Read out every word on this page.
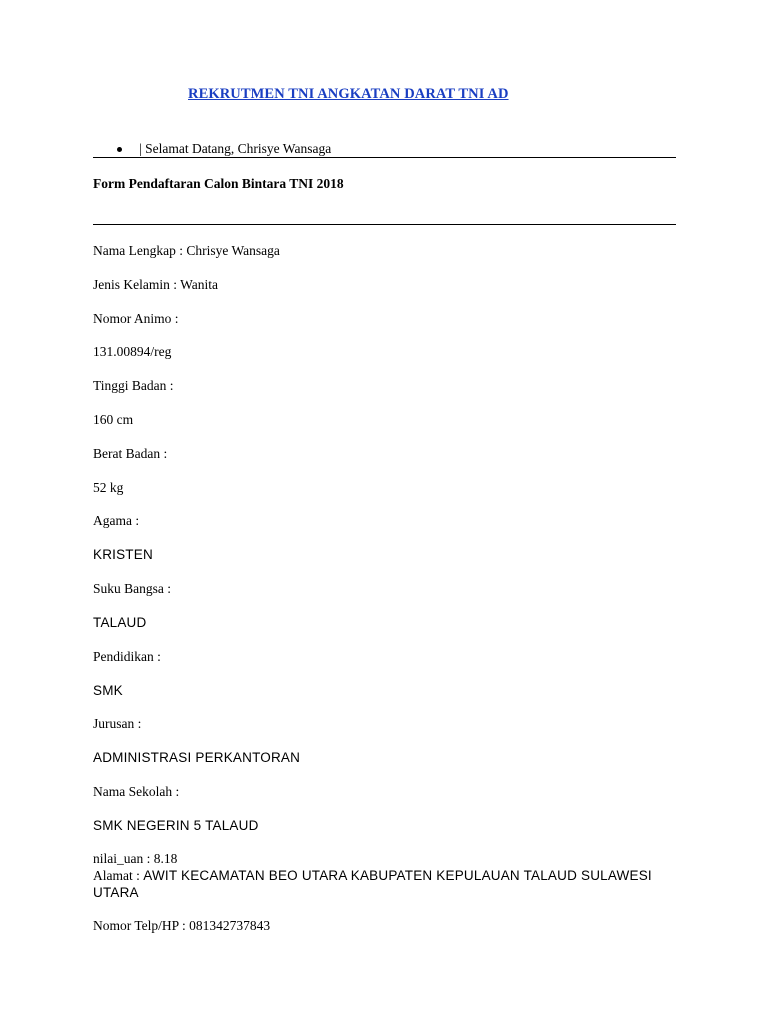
REKRUTMEN TNI ANGKATAN DARAT TNI AD
| Selamat Datang, Chrisye Wansaga
Form Pendaftaran Calon Bintara TNI 2018
Nama Lengkap : Chrisye Wansaga
Jenis Kelamin : Wanita
Nomor Animo :
131.00894/reg
Tinggi Badan :
160 cm
Berat Badan :
52 kg
Agama :
KRISTEN
Suku Bangsa :
TALAUD
Pendidikan :
SMK
Jurusan :
ADMINISTRASI PERKANTORAN
Nama Sekolah :
SMK NEGERIN 5 TALAUD
nilai_uan : 8.18
Alamat : AWIT KECAMATAN BEO UTARA KABUPATEN KEPULAUAN TALAUD SULAWESI UTARA
Nomor Telp/HP : 081342737843
